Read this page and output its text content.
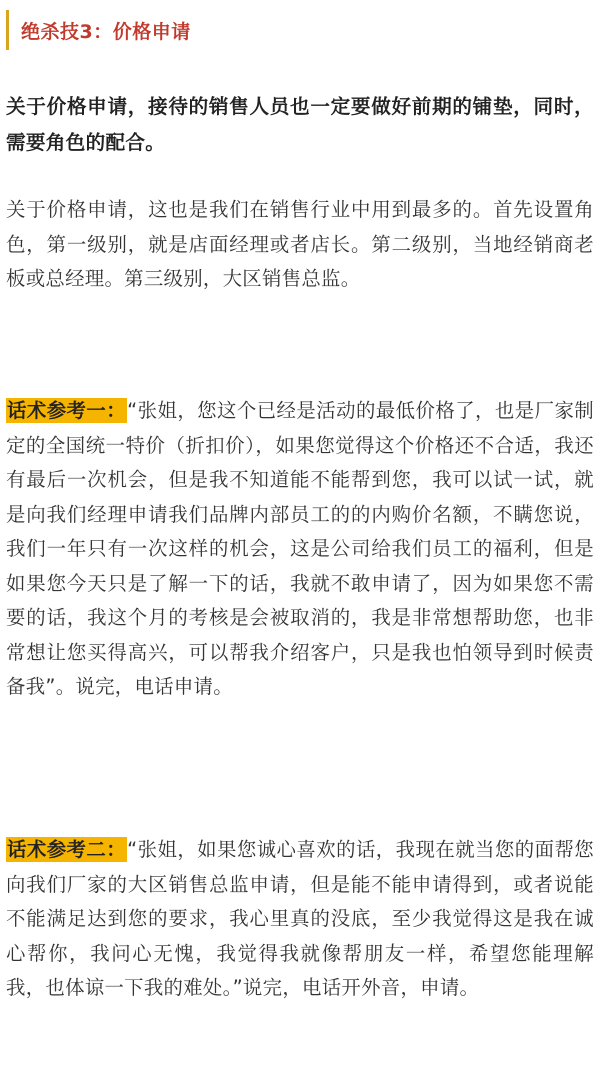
绝杀技3：价格申请

关于价格申请，接待的销售人员也一定要做好前期的铺垫，同时，需要角色的配合。

关于价格申请，这也是我们在销售行业中用到最多的。首先设置角色，第一级别，就是店面经理或者店长。第二级别，当地经销商老板或总经理。第三级别，大区销售总监。

话术参考一：“张姐，您这个已经是活动的最低价格了，也是厂家制定的全国统一特价（折扣价），如果您觉得这个价格还不合适，我还有最后一次机会，但是我不知道能不能帮到您，我可以试一试，就是向我们经理申请我们品牌内部员工的的内购价名额，不瞒您说，我们一年只有一次这样的机会，这是公司给我们员工的福利，但是如果您今天只是了解一下的话，我就不敢申请了，因为如果您不需要的话，我这个月的考核是会被取消的，我是非常想帮助您，也非常想让您买得高兴，可以帮我介绍客户，只是我也怕领导到时候责备我”。说完，电话申请。

话术参考二：“张姐，如果您诚心喜欢的话，我现在就当您的面帮您向我们厂家的大区销售总监申请，但是能不能申请得到，或者说能不能满足达到您的要求，我心里真的没底，至少我觉得这是我在诚心帮你，我问心无愧，我觉得我就像帮朋友一样，希望您能理解我，也体谅一下我的难处。”说完，电话开外音，申请。
